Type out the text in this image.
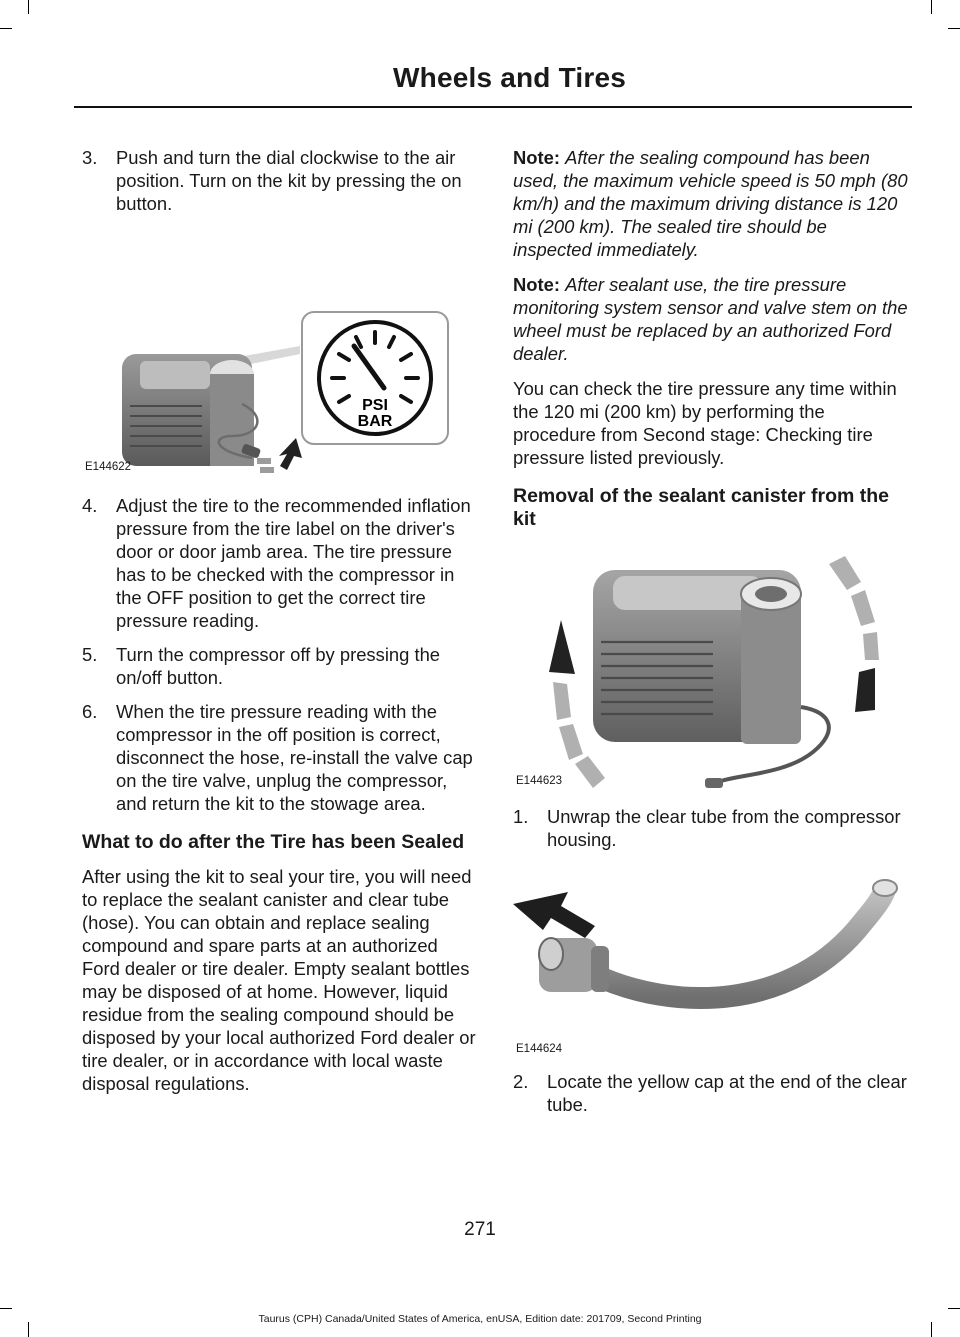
Wheels and Tires
3.	Push and turn the dial clockwise to the air position. Turn on the kit by pressing the on button.
PSI
BAR
E144622
4.	Adjust the tire to the recommended inflation pressure from the tire label on the driver's door or door jamb area. The tire pressure has to be checked with the compressor in the OFF position to get the correct tire pressure reading.
5.	Turn the compressor off by pressing the on/off button.
6.	When the tire pressure reading with the compressor in the off position is correct, disconnect the hose, re-install the valve cap on the tire valve, unplug the compressor, and return the kit to the stowage area.
What to do after the Tire has been Sealed

After using the kit to seal your tire, you will need to replace the sealant canister and clear tube (hose). You can obtain and replace sealing compound and spare parts at an authorized Ford dealer or tire dealer. Empty sealant bottles may be disposed of at home. However, liquid residue from the sealing compound should be disposed by your local authorized Ford dealer or tire dealer, or in accordance with local waste disposal regulations.

Note: After the sealing compound has been used, the maximum vehicle speed is 50 mph (80 km/h) and the maximum driving distance is 120 mi (200 km). The sealed tire should be inspected immediately.

Note: After sealant use, the tire pressure monitoring system sensor and valve stem on the wheel must be replaced by an authorized Ford dealer.

You can check the tire pressure any time within the 120 mi (200 km) by performing the procedure from Second stage: Checking tire pressure listed previously.

Removal of the sealant canister from the kit
E144623
1.	Unwrap the clear tube from the compressor housing.
E144624
2.	Locate the yellow cap at the end of the clear tube.
271
Taurus (CPH) Canada/United States of America, enUSA, Edition date: 201709, Second Printing
